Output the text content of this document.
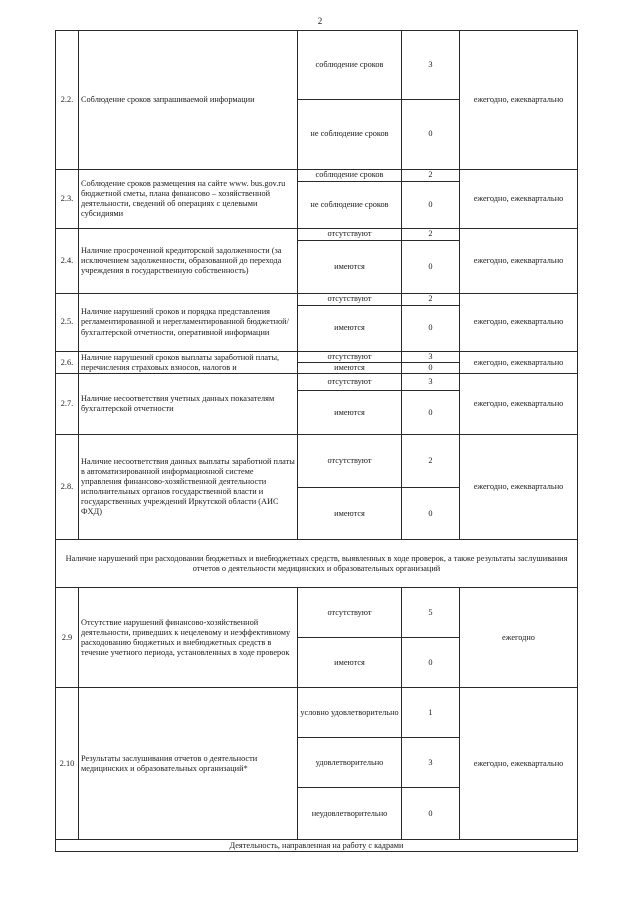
2
2.2.	Соблюдение сроков запрашиваемой информации	соблюдение сроков	3	ежегодно, ежеквартально
		не соблюдение сроков	0	
2.3.	Соблюдение сроков размещения на сайте www. bus.gov.ru бюджетной сметы, плана финансово – хозяйственной деятельности, сведений об операциях с целевыми субсидиями	соблюдение сроков	2	ежегодно, ежеквартально
		не соблюдение сроков	0	
2.4.	Наличие просроченной кредиторской задолженности (за исключением задолженности, образованной до перехода учреждения в государственную собственность)	отсутствуют	2	ежегодно, ежеквартально
		имеются	0	
2.5.	Наличие нарушений сроков и порядка представления регламентированной и нерегламентированной бюджетной/бухгалтерской отчетности, оперативной информации	отсутствуют	2	ежегодно, ежеквартально
		имеются	0	
2.6.	Наличие нарушений сроков выплаты заработной платы, перечисления страховых взносов, налогов и	отсутствуют	3	ежегодно, ежеквартально
		имеются	0	
2.7.	Наличие несоответствия учетных данных показателям бухгалтерской отчетности	отсутствуют	3	ежегодно, ежеквартально
		имеются	0	
2.8.	Наличие несоответствия данных выплаты заработной платы в автоматизированной информационной системе управления финансово-хозяйственной деятельности исполнительных органов государственной власти и государственных учреждений Иркутской области (АИС ФХД)	отсутствуют	2	ежегодно, ежеквартально
		имеются	0	
Наличие нарушений при расходовании бюджетных и внебюджетных средств, выявленных в ходе проверок, а также результаты заслушивания отчетов о деятельности медицинских и образовательных организаций				
2.9	Отсутствие нарушений финансово-хозяйственной деятельности, приведших к нецелевому и неэффективному расходованию бюджетных и внебюджетных средств в течение учетного периода, установленных в ходе проверок	отсутствуют	5	ежегодно
		имеются	0	
2.10	Результаты заслушивания отчетов о деятельности медицинских и образовательных организаций*	условно удовлетворительно	1	ежегодно, ежеквартально
		удовлетворительно	3	
		неудовлетворительно	0	
Деятельность, направленная на работу с кадрами				
